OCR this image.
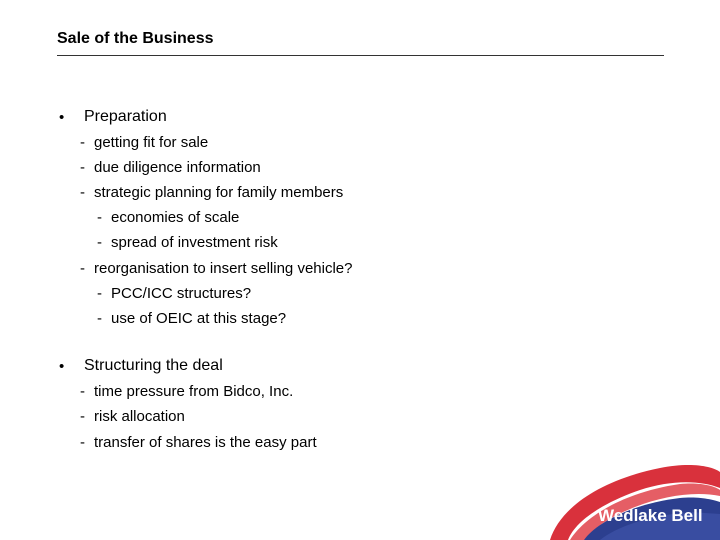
Sale of the Business
• Preparation
- getting fit for sale
- due diligence information
- strategic planning for family members
- economies of scale
- spread of investment risk
- reorganisation to insert selling vehicle?
- PCC/ICC structures?
- use of OEIC at this stage?
• Structuring the deal
- time pressure from Bidco, Inc.
- risk allocation
- transfer of shares is the easy part
Wedlake Bell
